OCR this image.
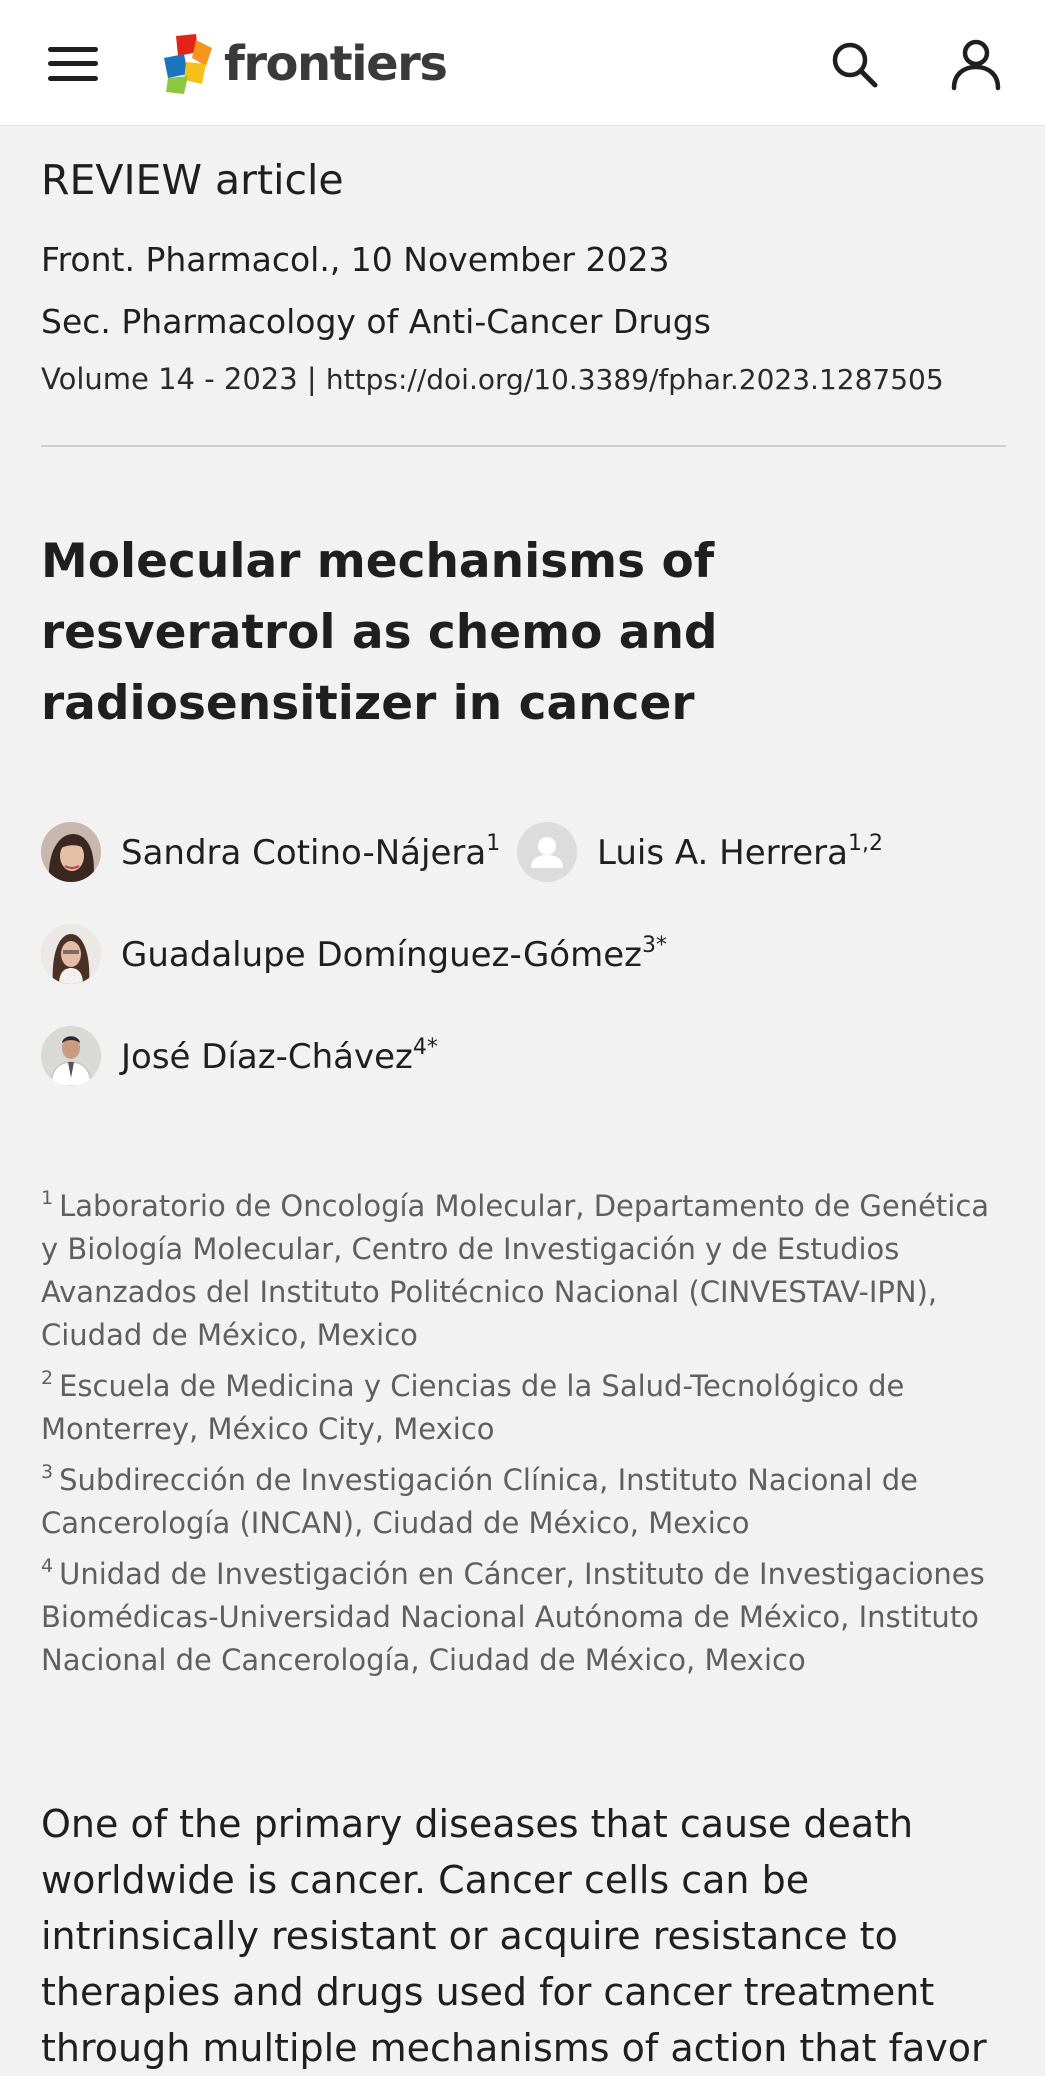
frontiers
REVIEW article
Front. Pharmacol., 10 November 2023
Sec. Pharmacology of Anti-Cancer Drugs
Volume 14 - 2023 | https://doi.org/10.3389/fphar.2023.1287505
Molecular mechanisms of resveratrol as chemo and radiosensitizer in cancer
Sandra Cotino-Nájera$^1$	Luis A. Herrera$^{1,2}$
Guadalupe Domínguez-Gómez$^{3*}$
José Díaz-Chávez$^{4*}$
$^1$ Laboratorio de Oncología Molecular, Departamento de Genética y Biología Molecular, Centro de Investigación y de Estudios Avanzados del Instituto Politécnico Nacional (CINVESTAV-IPN), Ciudad de México, Mexico
$^2$ Escuela de Medicina y Ciencias de la Salud-Tecnológico de Monterrey, México City, Mexico
$^3$ Subdirección de Investigación Clínica, Instituto Nacional de Cancerología (INCAN), Ciudad de México, Mexico
$^4$ Unidad de Investigación en Cáncer, Instituto de Investigaciones Biomédicas-Universidad Nacional Autónoma de México, Instituto Nacional de Cancerología, Ciudad de México, Mexico

One of the primary diseases that cause death worldwide is cancer. Cancer cells can be intrinsically resistant or acquire resistance to therapies and drugs used for cancer treatment through multiple mechanisms of action that favor
